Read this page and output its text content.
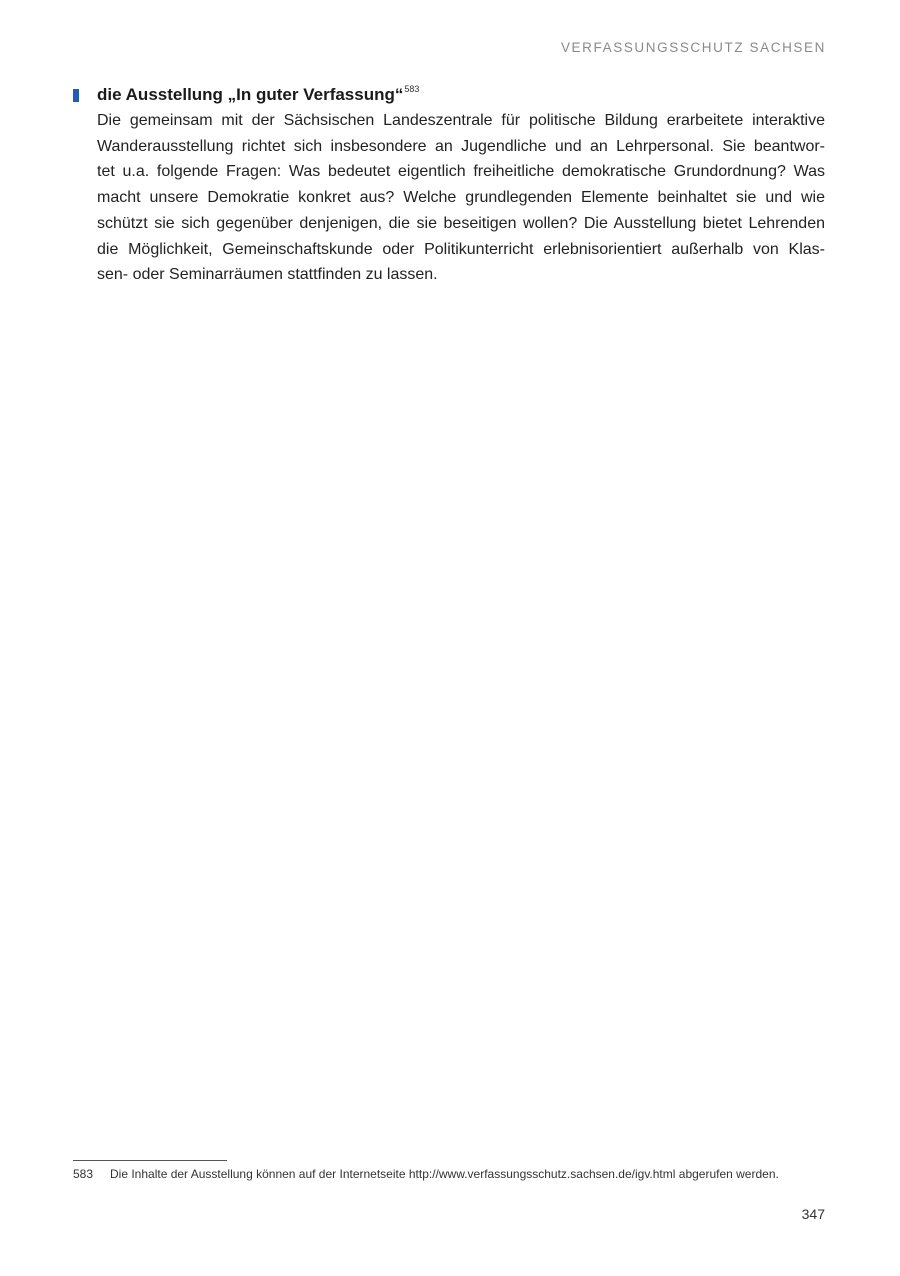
VERFASSUNGSSCHUTZ SACHSEN
die Ausstellung „In guter Verfassung“$^{583}$
Die gemeinsam mit der Sächsischen Landeszentrale für politische Bildung erarbeitete interaktive
Wanderausstellung richtet sich insbesondere an Jugendliche und an Lehrpersonal. Sie beantwor-
tet u.a. folgende Fragen: Was bedeutet eigentlich freiheitliche demokratische Grundordnung? Was
macht unsere Demokratie konkret aus? Welche grundlegenden Elemente beinhaltet sie und wie
schützt sie sich gegenüber denjenigen, die sie beseitigen wollen? Die Ausstellung bietet Lehrenden
die Möglichkeit, Gemeinschaftskunde oder Politikunterricht erlebnisorientiert außerhalb von Klas-
sen- oder Seminarräumen stattfinden zu lassen.
583 Die Inhalte der Ausstellung können auf der Internetseite http://www.verfassungsschutz.sachsen.de/igv.html abgerufen werden.
347
